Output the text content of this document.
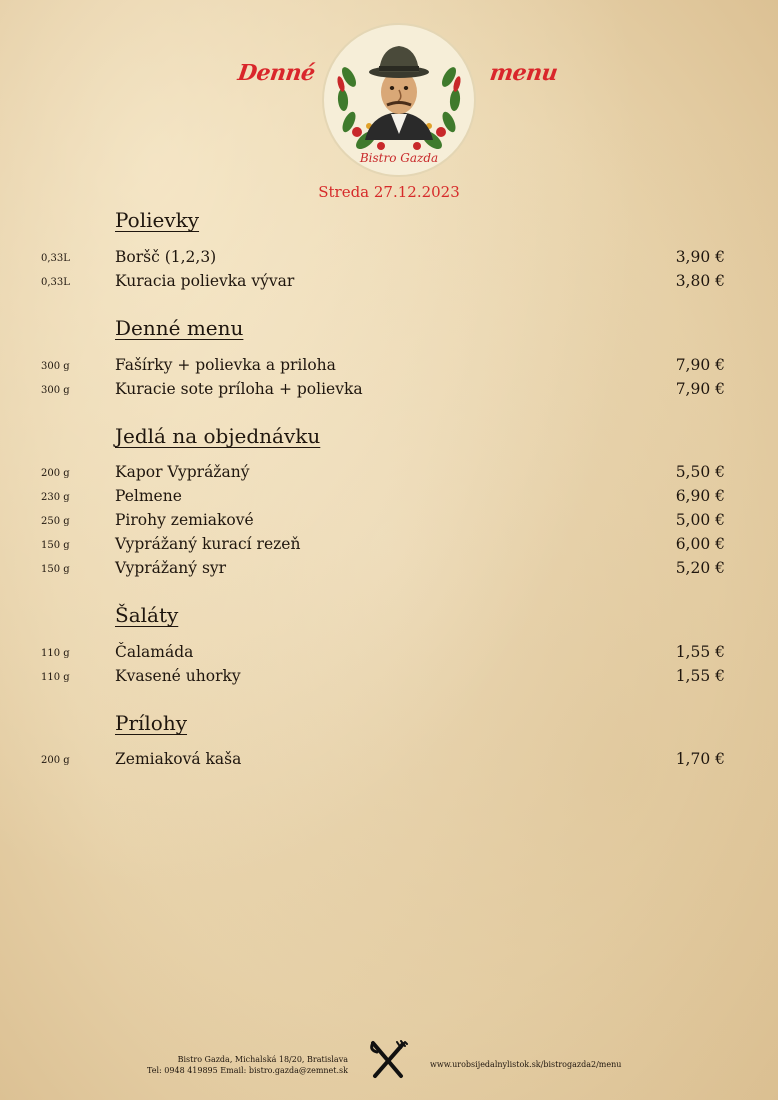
Denné
Bistro Gazda
menu
Streda 27.12.2023
Polievky
0,33L	Boršč (1,2,3)	3,90 €
0,33L	Kuracia polievka vývar	3,80 €
Denné menu
300 g	Fašírky + polievka a priloha	7,90 €
300 g	Kuracie sote príloha + polievka	7,90 €
Jedlá na objednávku
200 g	Kapor Vyprážaný	5,50 €
230 g	Pelmene	6,90 €
250 g	Pirohy zemiakové	5,00 €
150 g	Vyprážaný kurací rezeň	6,00 €
150 g	Vyprážaný syr	5,20 €
Šaláty
110 g	Čalamáda	1,55 €
110 g	Kvasené uhorky	1,55 €
Prílohy
200 g	Zemiaková kaša	1,70 €
Bistro Gazda, Michalská 18/20, Bratislava
Tel: 0948 419895 Email: bistro.gazda@zemnet.sk
www.urobsijedalnylistok.sk/bistrogazda2/menu
